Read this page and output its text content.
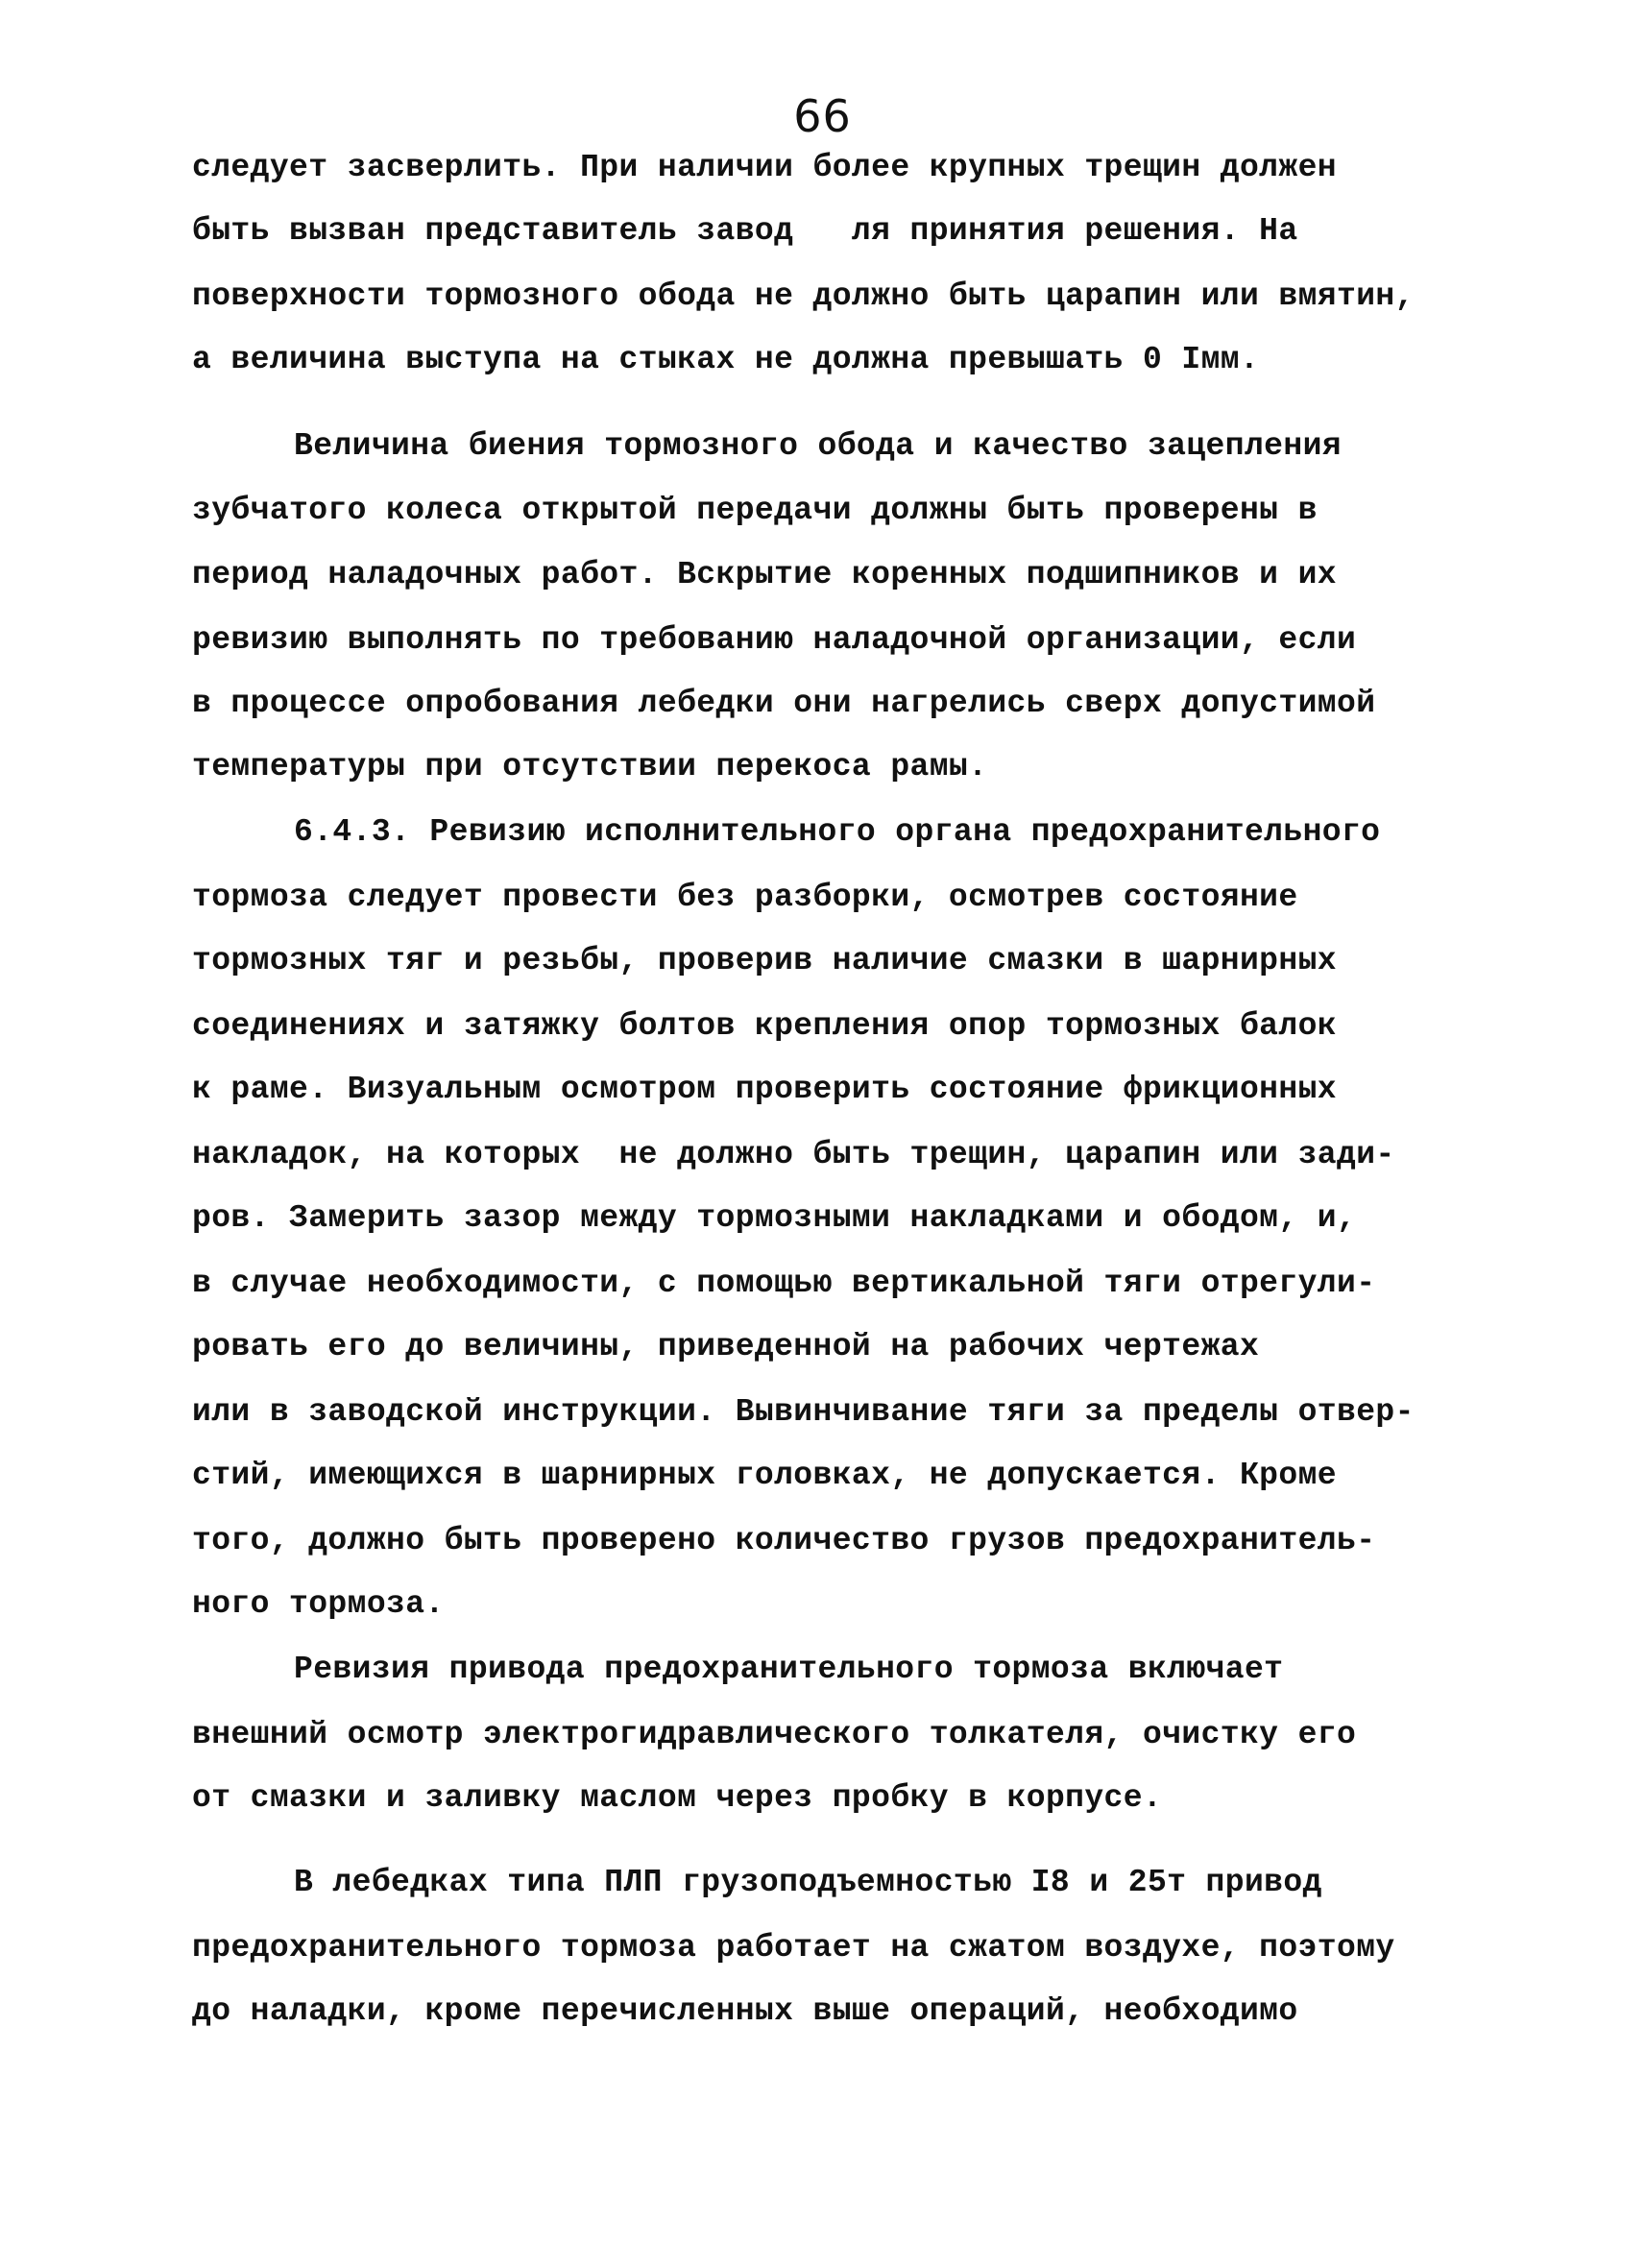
66
следует засверлить. При наличии более крупных трещин должен
быть вызван представитель завод   ля принятия решения. На
поверхности тормозного обода не должно быть царапин или вмятин,
а величина выступа на стыках не должна превышать 0 Iмм.
Величина биения тормозного обода и качество зацепления
зубчатого колеса открытой передачи должны быть проверены в
период наладочных работ. Вскрытие коренных подшипников и их
ревизию выполнять по требованию наладочной организации, если
в процессе опробования лебедки они нагрелись сверх допустимой
температуры при отсутствии перекоса рамы.
6.4.3. Ревизию исполнительного органа предохранительного
тормоза следует провести без разборки, осмотрев состояние
тормозных тяг и резьбы, проверив наличие смазки в шарнирных
соединениях и затяжку болтов крепления опор тормозных балок
к раме. Визуальным осмотром проверить состояние фрикционных
накладок, на которых  не должно быть трещин, царапин или зади-
ров. Замерить зазор между тормозными накладками и ободом, и,
в случае необходимости, с помощью вертикальной тяги отрегули-
ровать его до величины, приведенной на рабочих чертежах
или в заводской инструкции. Вывинчивание тяги за пределы отвер-
стий, имеющихся в шарнирных головках, не допускается. Кроме
того, должно быть проверено количество грузов предохранитель-
ного тормоза.
Ревизия привода предохранительного тормоза включает
внешний осмотр электрогидравлического толкателя, очистку его
от смазки и заливку маслом через пробку в корпусе.
В лебедках типа ПЛП грузоподъемностью I8 и 25т привод
предохранительного тормоза работает на сжатом воздухе, поэтому
до наладки, кроме перечисленных выше операций, необходимо
